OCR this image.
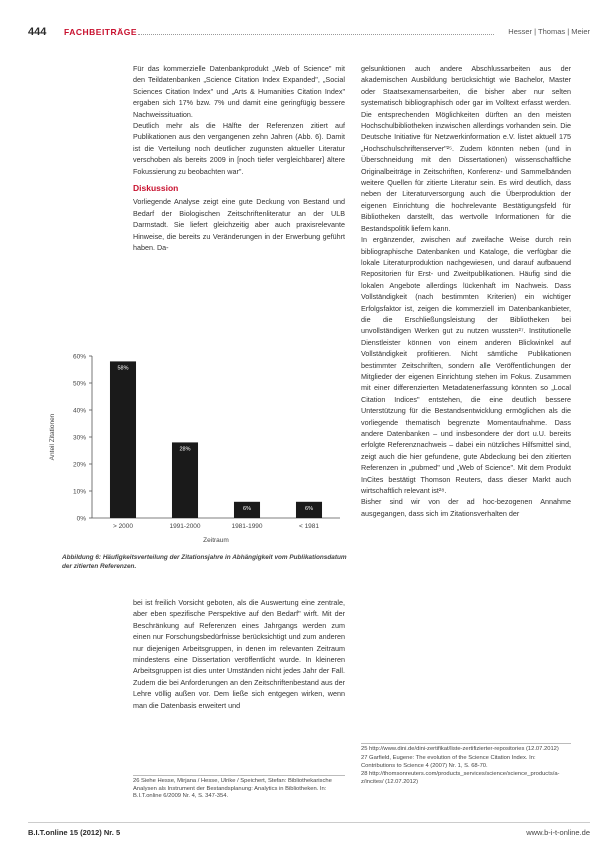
444 FACHBEITRÄGE	Hesser | Thomas | Meier

Für das kommerzielle Datenbankprodukt „Web of Science" mit den Teildatenbanken „Science Citation Index Expanded", „Social Sciences Citation Index" und „Arts & Humanities Citation Index" ergaben sich 17% bzw. 7% und damit eine geringfügig bessere Nachweissituation.

Deutlich mehr als die Hälfte der Referenzen zitiert auf Publikationen aus den vergangenen zehn Jahren (Abb. 6). Damit ist die Verteilung noch deutlicher zugunsten aktueller Literatur verschoben als bereits 2009 in [noch tiefer vergleichbarer] ältere Fokussierung zu beobachten war".

Diskussion

Vorliegende Analyse zeigt eine gute Deckung von Bestand und Bedarf der Biologischen Zeitschriftenliteratur an der ULB Darmstadt. Sie liefert gleichzeitig aber auch praxisrelevante Hinweise, die bereits zu Veränderungen in der Erwerbung geführt haben. Da-

0%
10%
20%
30%
40%
50%
60%
Anteil Zitationen
58%
> 2000
28%
1991-2000
6%
1981-1990
6%
< 1981
Zeitraum
Abbildung 6: Häufigkeitsverteilung der Zitationsjahre in Abhängigkeit vom Publikationsdatum der zitierten Referenzen.

bei ist freilich Vorsicht geboten, als die Auswertung eine zentrale, aber eben spezifische Perspektive auf den Bedarf" wirft. Mit der Beschränkung auf Referenzen eines Jahrgangs werden zum einen nur Forschungsbedürfnisse berücksichtigt und zum anderen nur diejenigen Arbeitsgruppen, in denen im relevanten Zeitraum mindestens eine Dissertation veröffentlicht wurde. In kleineren Arbeitsgruppen ist dies unter Umständen nicht jedes Jahr der Fall. Zudem die bei Anforderungen an den Zeitschriftenbestand aus der Lehre völlig außen vor. Dem ließe sich entgegen wirken, wenn man die Datenbasis erweitert und

26 Siehe Hesse, Mirjana / Hesse, Ulrike / Speichert, Stefan: Bibliothekarische Analysen als Instrument der Bestandsplanung: Analytics in Bibliotheken. In: B.I.T.online 6/2009 Nr. 4, S. 347-354.

gelsunktionen auch andere Abschlussarbeiten aus der akademischen Ausbildung berücksichtigt wie Bachelor, Master oder Staatsexamensarbeiten, die bisher aber nur selten systematisch bibliographisch oder gar im Volltext erfasst werden. Die entsprechenden Möglichkeiten dürften an den meisten Hochschulbibliotheken inzwischen allerdings vorhanden sein. Die Deutsche Initiative für Netzwerkinformation e.V. listet aktuell 175 „Hochschulschriftenserver"²⁵. Zudem könnten neben (und in Überschneidung mit den Dissertationen) wissenschaftliche Originalbeiträge in Zeitschriften, Konferenz- und Sammelbänden weitere Quellen für zitierte Literatur sein. Es wird deutlich, dass neben der Literaturversorgung auch die Überproduktion der eigenen Einrichtung die hochrelevante Bestätigungsfeld für Bibliotheken darstellt, das wertvolle Informationen für die Bestandspolitik liefern kann.

In ergänzender, zwischen auf zweifache Weise durch rein bibliographische Datenbanken und Kataloge, die verfügbar die lokale Literaturproduktion nachgewiesen, und darauf aufbauend Repositorien für Erst- und Zweitpublikationen. Häufig sind die lokalen Angebote allerdings lückenhaft im Nachweis. Dass Vollständigkeit (nach bestimmten Kriterien) ein wichtiger Erfolgsfaktor ist, zeigen die kommerziell im Datenbankanbieter, die die Erschließungsleistung der Bibliotheken bei unvollständigen Werken gut zu nutzen wussten²⁷. Institutionelle Dienstleister können von einem anderen Blickwinkel auf Vollständigkeit profitieren. Nicht sämtliche Publikationen bestimmter Zeitschriften, sondern alle Veröffentlichungen der Mitglieder der eigenen Einrichtung stehen im Fokus. Zusammen mit einer differenzierten Metadatenerfassung könnten so „Local Citation Indices" entstehen, die eine deutlich bessere Unterstützung für die Bestandsentwicklung ermöglichen als die vorliegende thematisch begrenzte Momentaufnahme. Dass andere Datenbanken – und insbesondere der dort u.U. bereits erfolgte Referenznachweis – dabei ein nützliches Hilfsmittel sind, zeigt auch die hier gefundene, gute Abdeckung bei den zitierten Referenzen in „pubmed" und „Web of Science". Mit dem Produkt InCites bestätigt Thomson Reuters, dass dieser Markt auch wirtschaftlich relevant ist²⁸.

Bisher sind wir von der ad hoc-bezogenen Annahme ausgegangen, dass sich im Zitationsverhalten der

25 http://www.dini.de/dini-zertifikat/liste-zertifizierter-repositories (12.07.2012)

27 Garfield, Eugene: The evolution of the Science Citation Index. In: Contributions to Science 4 (2007) Nr. 1, S. 68-70.

28 http://thomsonreuters.com/products_services/science/science_products/a-z/incites/ (12.07.2012)

B.I.T.online 15 (2012) Nr. 5	www.b-i-t-online.de
